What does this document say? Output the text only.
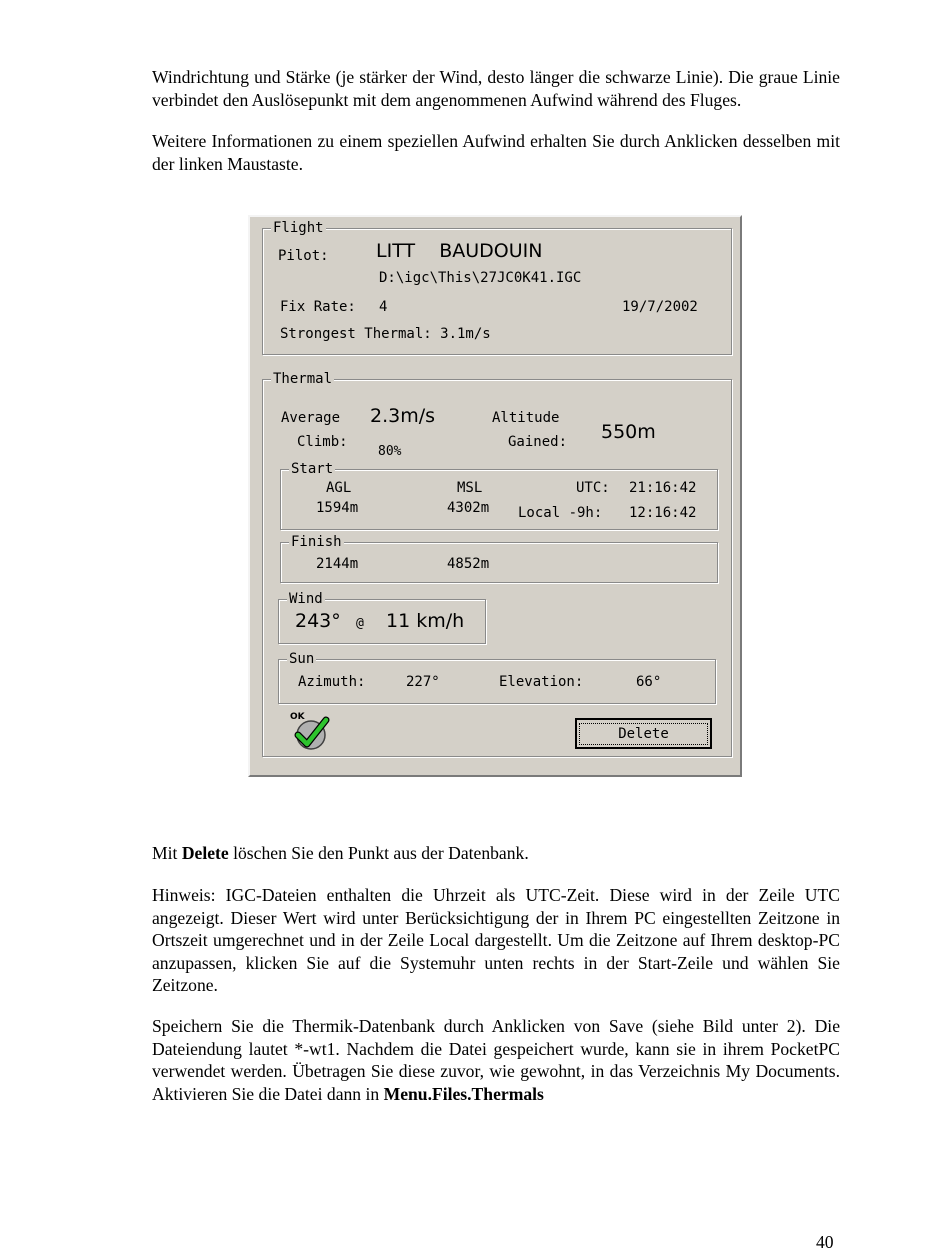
Windrichtung und Stärke (je stärker der Wind, desto länger die schwarze Linie). Die graue Linie verbindet den Auslösepunkt mit dem angenommenen Aufwind während des Fluges.

Weitere Informationen zu einem speziellen Aufwind erhalten Sie durch Anklicken desselben mit der linken Maustaste.

Flight
Pilot: LITT    BAUDOUIN
D:\igc\This\27JC0K41.IGC
Fix Rate: 4	19/7/2002
Strongest Thermal: 3.1m/s
Thermal
Average
Climb:
2.3m/s
80%
Altitude
Gained: 550m
Start
AGL	MSL
1594m	4302m
UTC: 21:16:42
Local -9h: 12:16:42
Finish
2144m	4852m
Wind
243° @ 11 km/h
Sun
Azimuth:	227°	Elevation:	66°
OK
Delete

Mit Delete löschen Sie den Punkt aus der Datenbank.

Hinweis: IGC-Dateien enthalten die Uhrzeit als UTC-Zeit. Diese wird in der Zeile UTC angezeigt. Dieser Wert wird unter Berücksichtigung der in Ihrem PC eingestellten Zeitzone in Ortszeit umgerechnet und in der Zeile Local dargestellt. Um die Zeitzone auf Ihrem desktop-PC anzupassen, klicken Sie auf die Systemuhr unten rechts in der Start-Zeile und wählen Sie Zeitzone.

Speichern Sie die Thermik-Datenbank durch Anklicken von Save (siehe Bild unter 2). Die Dateiendung lautet *-wt1. Nachdem die Datei gespeichert wurde, kann sie in ihrem PocketPC verwendet werden. Übetragen Sie diese zuvor, wie gewohnt, in das Verzeichnis My Documents. Aktivieren Sie die Datei dann in Menu.Files.Thermals

40
